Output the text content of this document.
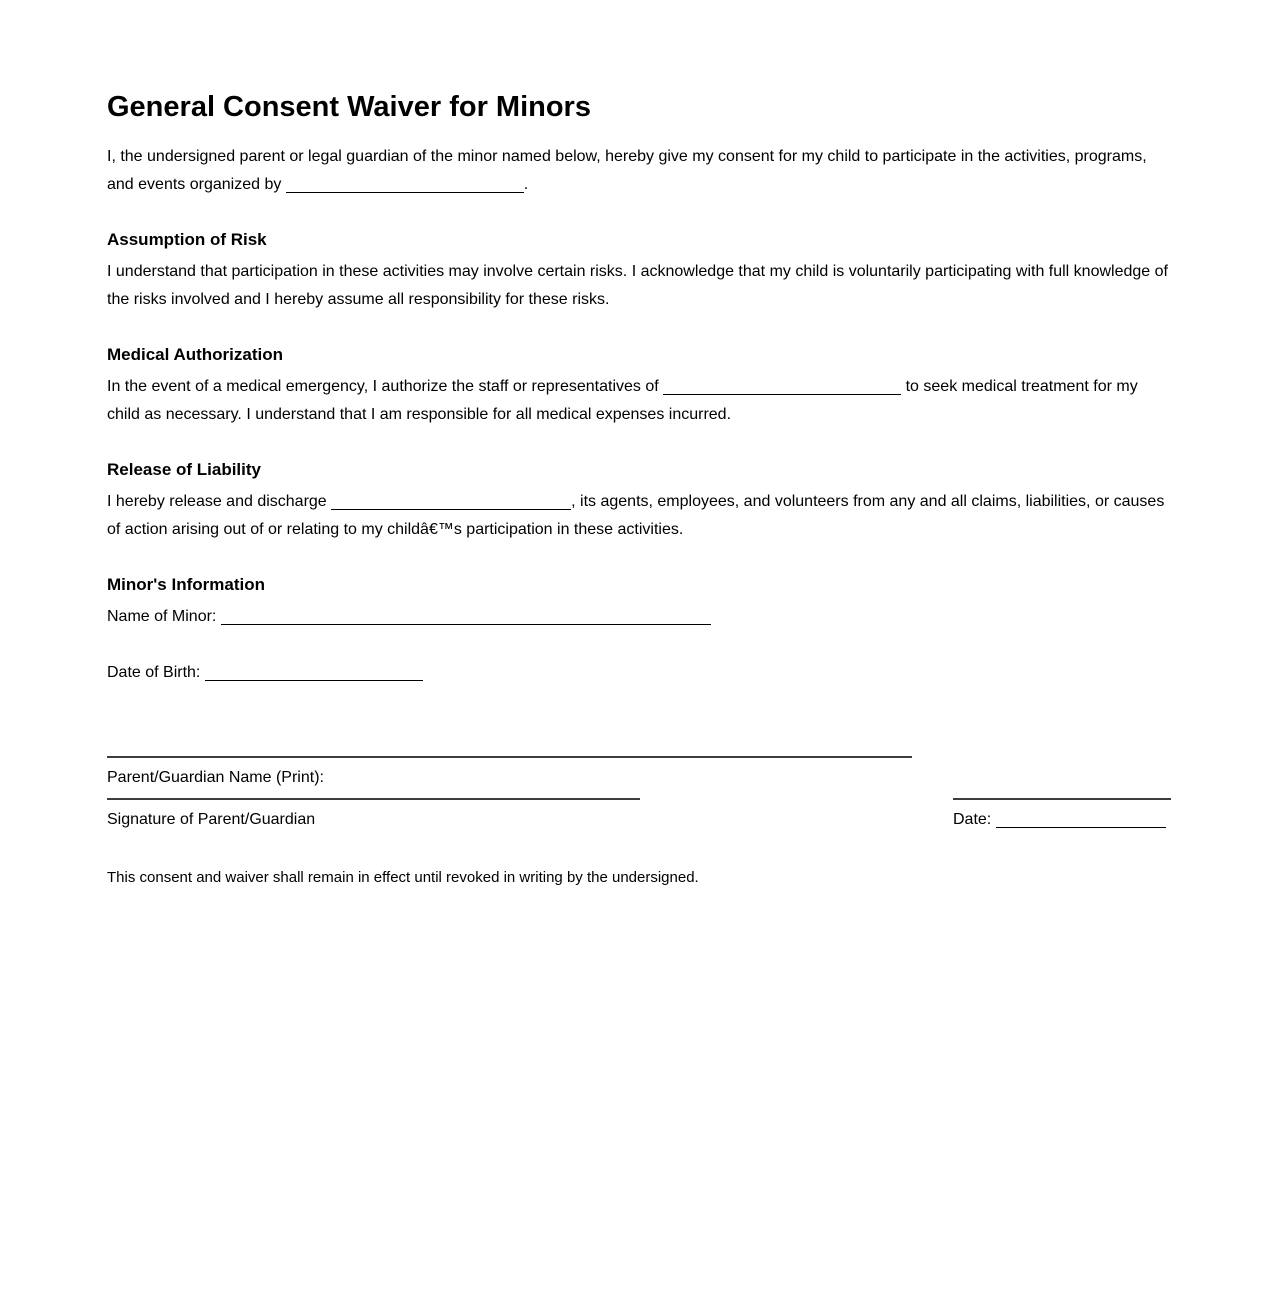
General Consent Waiver for Minors

I, the undersigned parent or legal guardian of the minor named below, hereby give my consent for my child to participate in the activities, programs, and events organized by	.

Assumption of Risk

I understand that participation in these activities may involve certain risks. I acknowledge that my child is voluntarily participating with full knowledge of the risks involved and I hereby assume all responsibility for these risks.

Medical Authorization

In the event of a medical emergency, I authorize the staff or representatives of	to seek medical treatment for my child as necessary. I understand that I am responsible for all medical expenses incurred.

Release of Liability

I hereby release and discharge	, its agents, employees, and volunteers from any and all claims, liabilities, or causes of action arising out of or relating to my childâ€™s participation in these activities.

Minor's Information

Name of Minor:

Date of Birth:

Parent/Guardian Name (Print):
Signature of Parent/Guardian	Date:

This consent and waiver shall remain in effect until revoked in writing by the undersigned.
